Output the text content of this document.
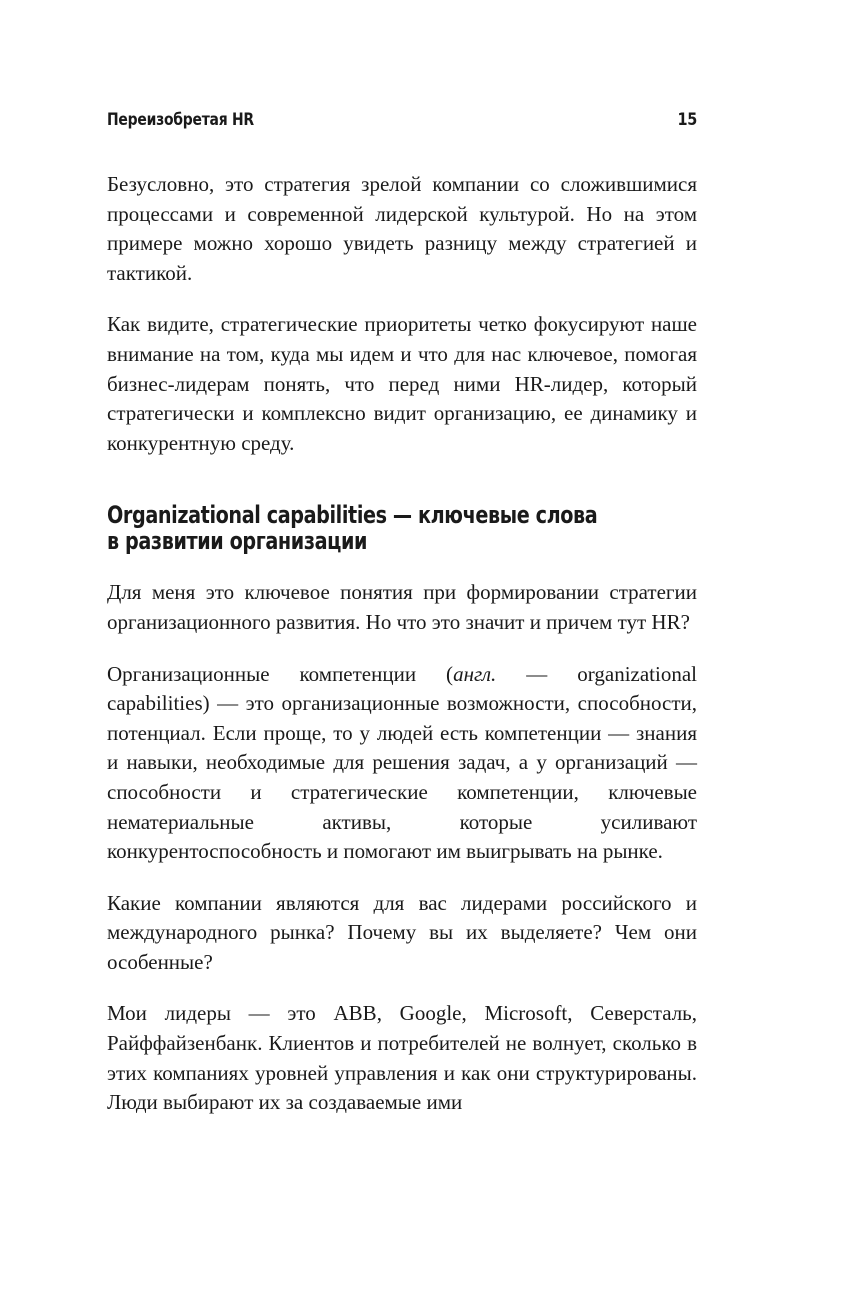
Переизобретая HR	15

Безусловно, это стратегия зрелой компании со сложившимися процессами и современной лидерской культурой. Но на этом примере можно хорошо увидеть разницу между стратегией и тактикой.

Как видите, стратегические приоритеты четко фокусируют наше внимание на том, куда мы идем и что для нас ключевое, помогая бизнес-лидерам понять, что перед ними HR-лидер, который стратегически и комплексно видит организацию, ее динамику и конкурентную среду.

Organizational capabilities — ключевые слова
в развитии организации

Для меня это ключевое понятия при формировании стратегии организационного развития. Но что это значит и причем тут HR?

Организационные компетенции (англ. — organizational capabilities) — это организационные возможности, способности, потенциал. Если проще, то у людей есть компетенции — знания и навыки, необходимые для решения задач, а у организаций — способности и стратегические компетенции, ключевые нематериальные активы, которые усиливают конкурентоспособность и помогают им выигрывать на рынке.

Какие компании являются для вас лидерами российского и международного рынка? Почему вы их выделяете? Чем они особенные?

Мои лидеры — это ABB, Google, Microsoft, Северсталь, Райффайзенбанк. Клиентов и потребителей не волнует, сколько в этих компаниях уровней управления и как они структурированы. Люди выбирают их за создаваемые ими
